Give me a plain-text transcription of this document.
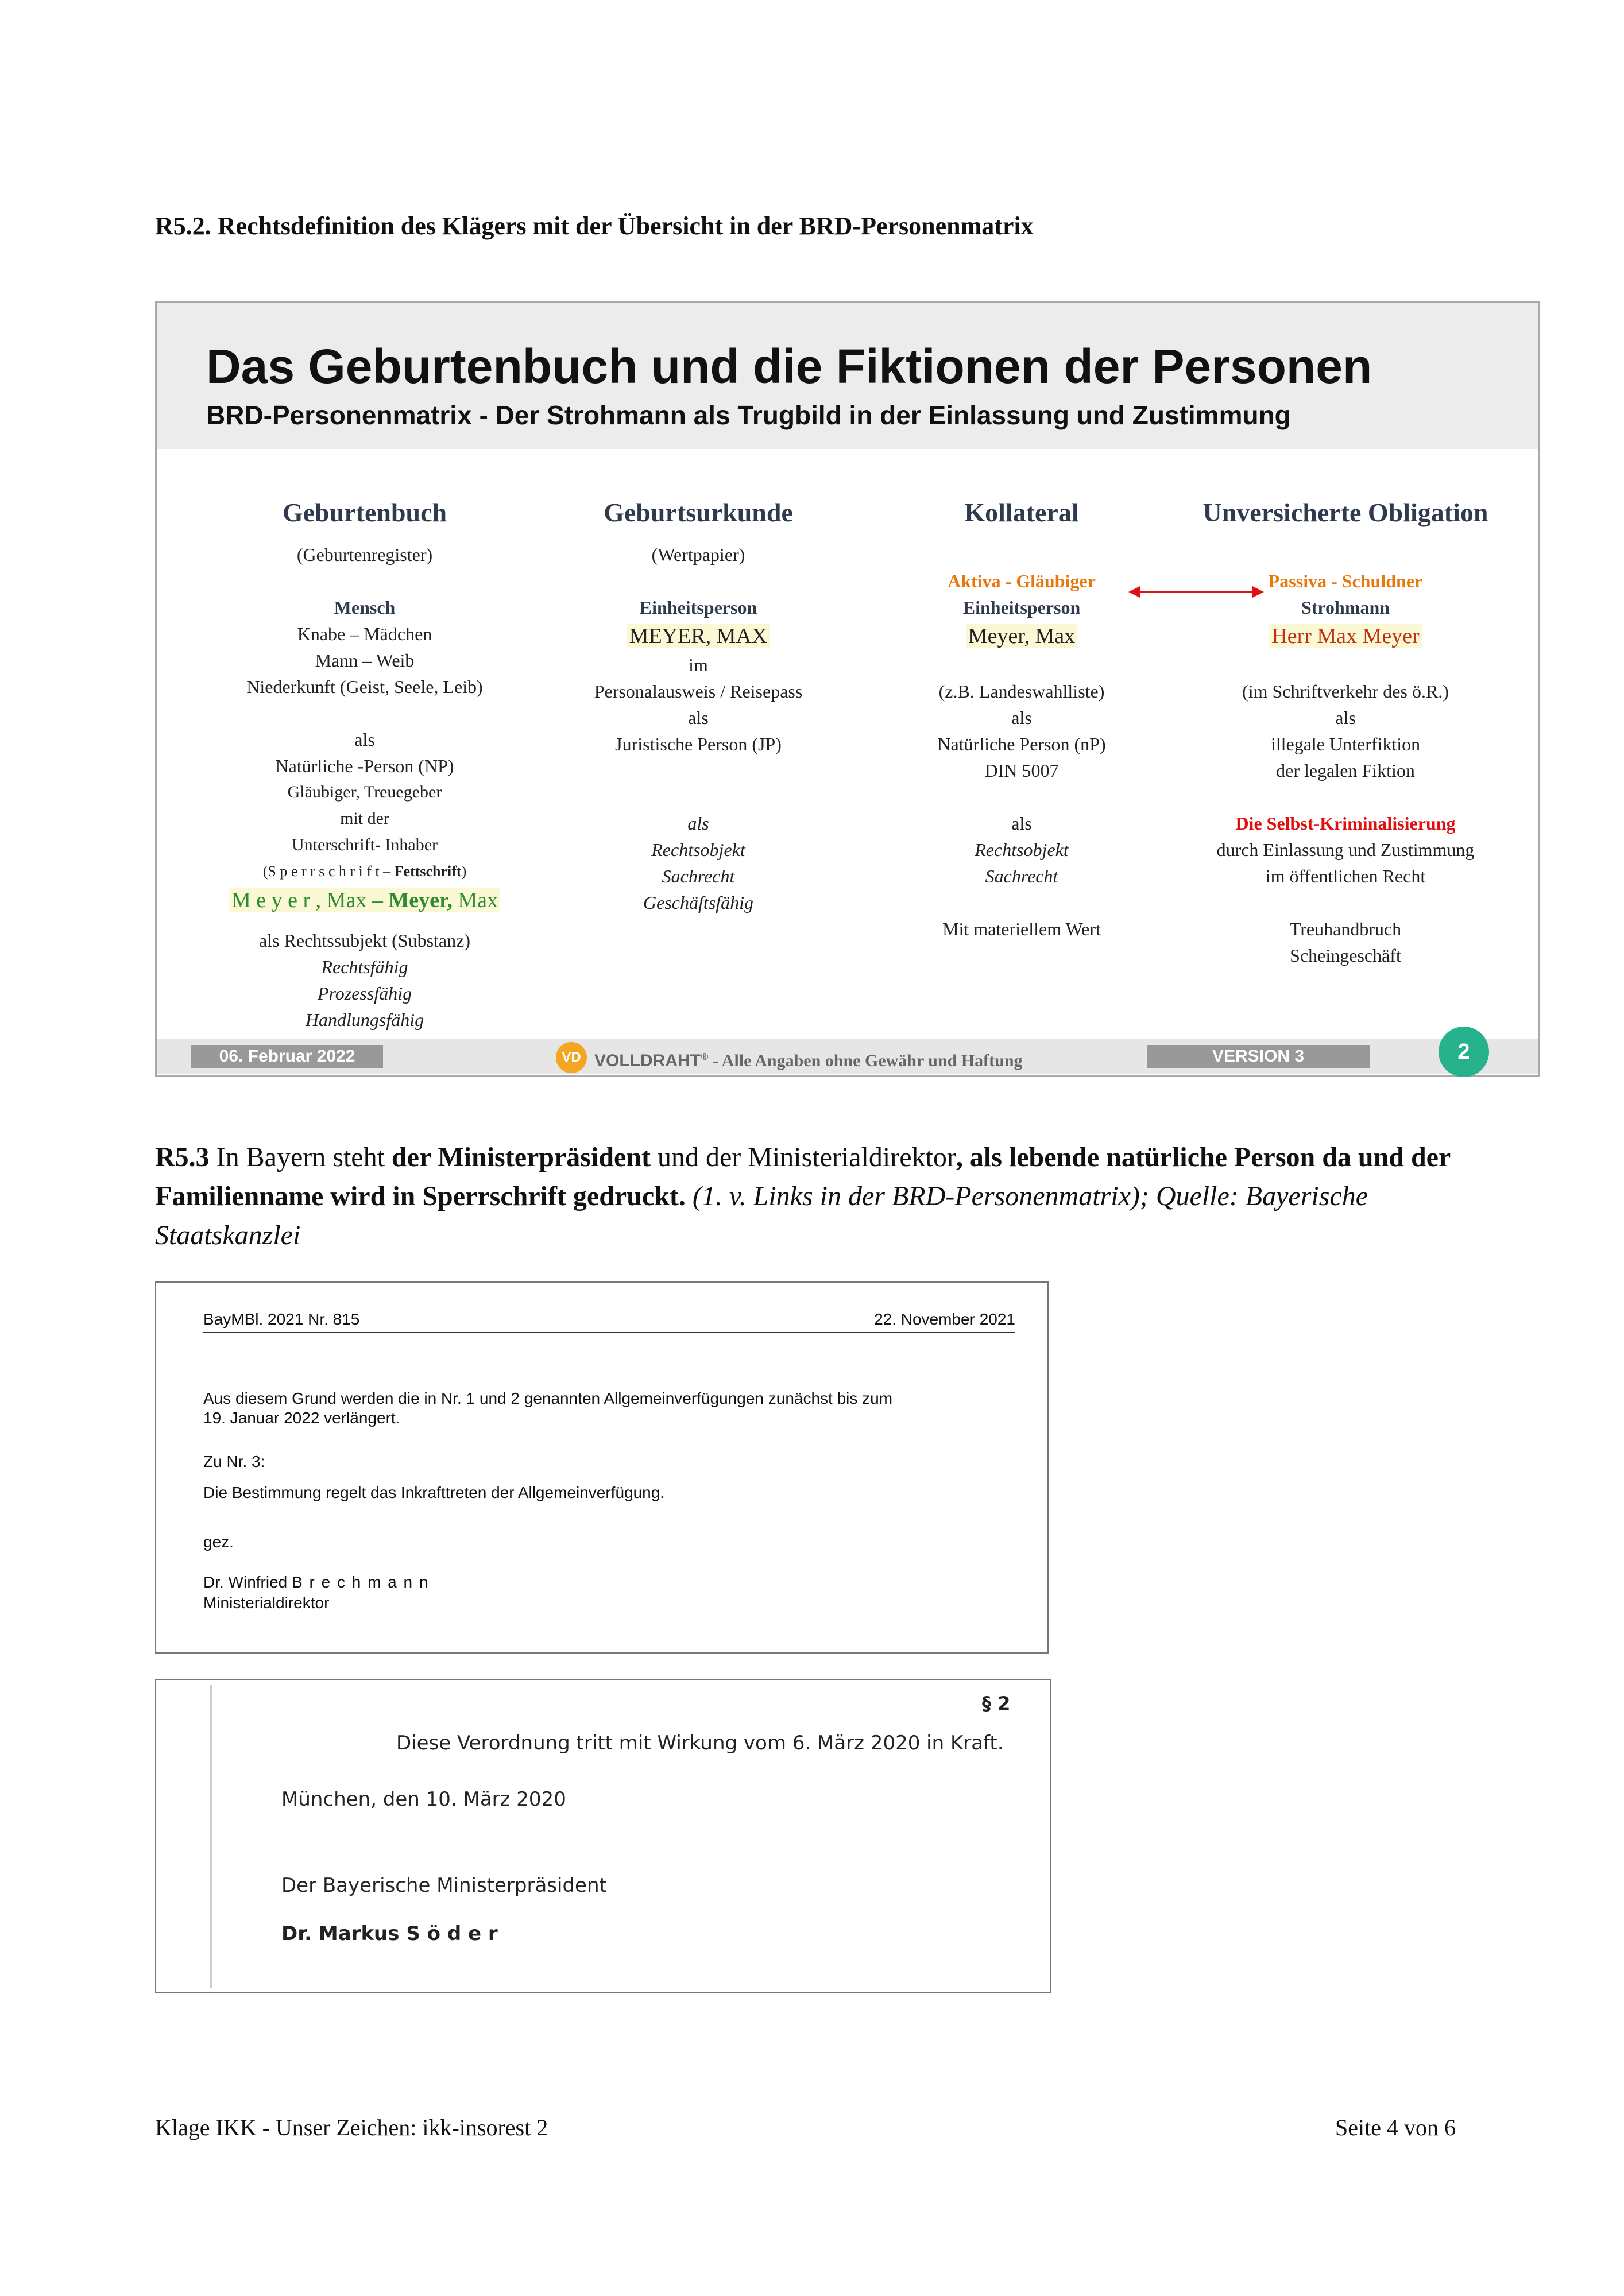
R5.2. Rechtsdefinition des Klägers mit der Übersicht in der BRD-Personenmatrix
Das Geburtenbuch und die Fiktionen der Personen
BRD-Personenmatrix - Der Strohmann als Trugbild in der Einlassung und Zustimmung
Geburtenbuch
(Geburtenregister)
Mensch
Knabe – Mädchen
Mann – Weib
Niederkunft (Geist, Seele, Leib)
als
Natürliche -Person (NP)
Gläubiger, Treuegeber
mit der
Unterschrift- Inhaber
(S p e r r s c h r i f t – Fettschrift)
M e y e r , Max – Meyer, Max
als Rechtssubjekt (Substanz)
Rechtsfähig
Prozessfähig
Handlungsfähig
Geburtsurkunde
(Wertpapier)
Einheitsperson
MEYER, MAX
im
Personalausweis / Reisepass
als
Juristische Person (JP)
als
Rechtsobjekt
Sachrecht
Geschäftsfähig
Kollateral
Aktiva - Gläubiger
Einheitsperson
Meyer, Max
(z.B. Landeswahlliste)
als
Natürliche Person (nP)
DIN 5007
als
Rechtsobjekt
Sachrecht
Mit materiellem Wert
Unversicherte Obligation
Passiva - Schuldner
Strohmann
Herr Max Meyer
(im Schriftverkehr des ö.R.)
als
illegale Unterfiktion
der legalen Fiktion
Die Selbst-Kriminalisierung
durch Einlassung und Zustimmung
im öffentlichen Recht
Treuhandbruch
Scheingeschäft
06. Februar 2022	VD VOLLDRAHT® - Alle Angaben ohne Gewähr und Haftung	VERSION 3	2
R5.3 In Bayern steht der Ministerpräsident und der Ministerialdirektor, als lebende natürliche Person da und der Familienname wird in Sperrschrift gedruckt. (1. v. Links in der BRD-Personenmatrix); Quelle: Bayerische Staatskanzlei
BayMBl. 2021 Nr. 815	22. November 2021
Aus diesem Grund werden die in Nr. 1 und 2 genannten Allgemeinverfügungen zunächst bis zum
19. Januar 2022 verlängert.
Zu Nr. 3:
Die Bestimmung regelt das Inkrafttreten der Allgemeinverfügung.
gez.
Dr. Winfried B r e c h m a n n
Ministerialdirektor
§ 2
Diese Verordnung tritt mit Wirkung vom 6. März 2020 in Kraft.
München, den 10. März 2020
Der Bayerische Ministerpräsident
Dr. Markus S ö d e r
Klage IKK - Unser Zeichen: ikk-insorest 2	Seite 4 von 6
